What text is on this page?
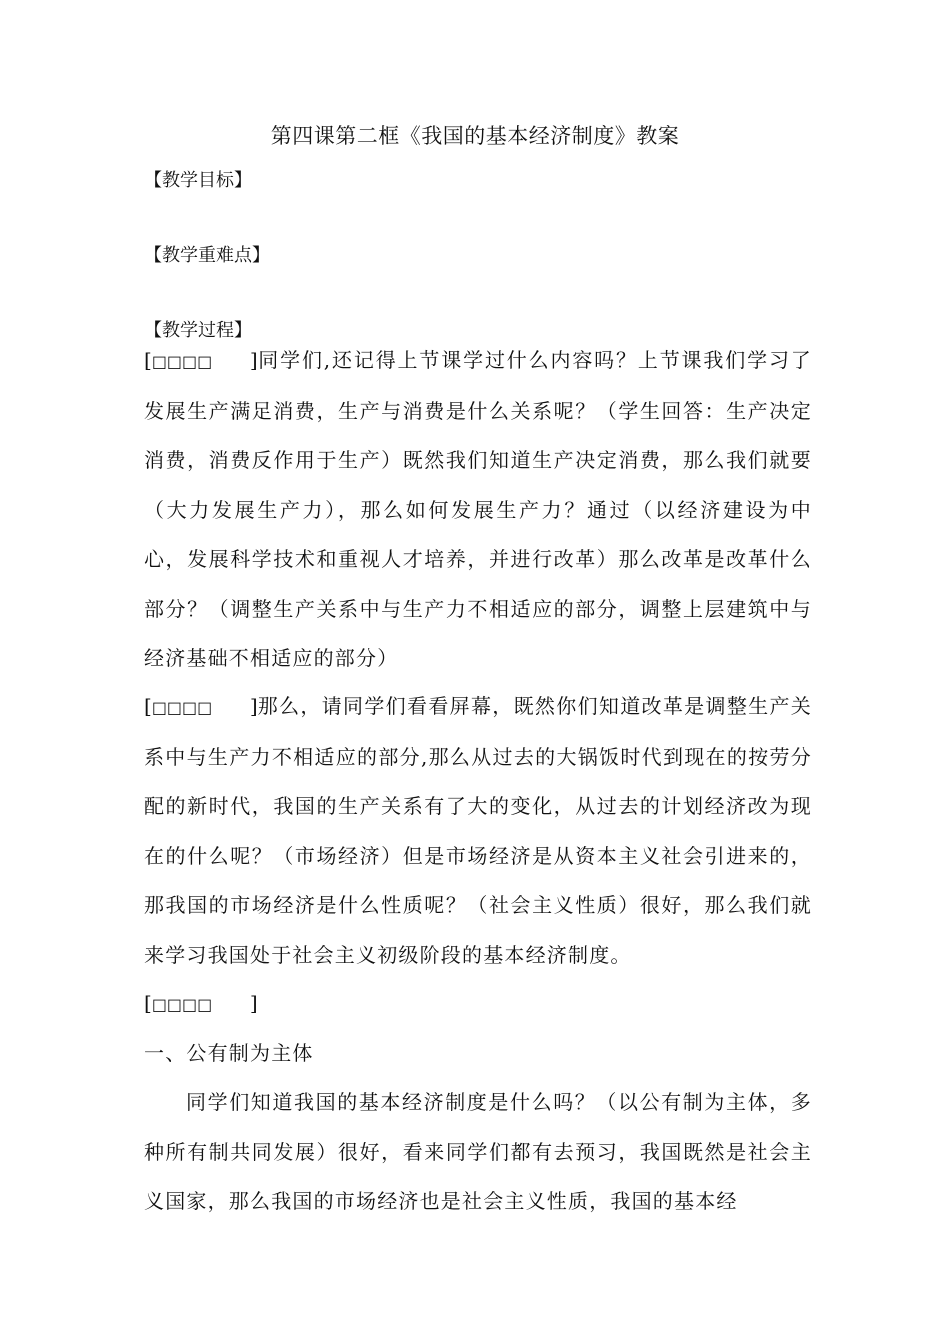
第四课第二框《我国的基本经济制度》教案
【教学目标】
【教学重难点】
【教学过程】

[□□□□ ]同学们,还记得上节课学过什么内容吗？上节课我们学习了发展生产满足消费，生产与消费是什么关系呢？（学生回答：生产决定消费，消费反作用于生产）既然我们知道生产决定消费，那么我们就要（大力发展生产力），那么如何发展生产力？通过（以经济建设为中心，发展科学技术和重视人才培养，并进行改革）那么改革是改革什么部分？（调整生产关系中与生产力不相适应的部分，调整上层建筑中与经济基础不相适应的部分）

[□□□□ ]那么，请同学们看看屏幕，既然你们知道改革是调整生产关系中与生产力不相适应的部分,那么从过去的大锅饭时代到现在的按劳分配的新时代，我国的生产关系有了大的变化，从过去的计划经济改为现在的什么呢？（市场经济）但是市场经济是从资本主义社会引进来的，那我国的市场经济是什么性质呢？（社会主义性质）很好，那么我们就来学习我国处于社会主义初级阶段的基本经济制度。

[□□□□ ]

一、公有制为主体

同学们知道我国的基本经济制度是什么吗？（以公有制为主体，多种所有制共同发展）很好，看来同学们都有去预习，我国既然是社会主义国家，那么我国的市场经济也是社会主义性质，我国的基本经
